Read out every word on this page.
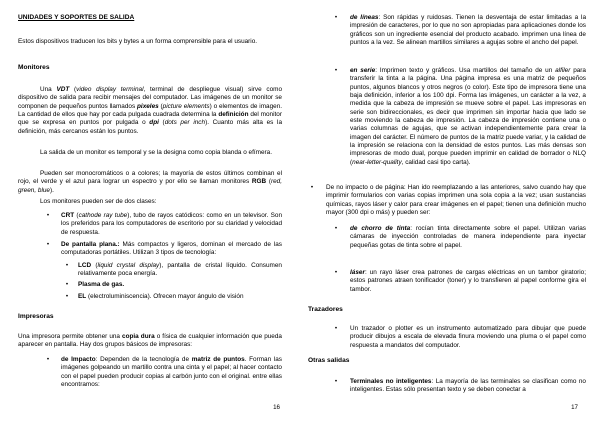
UNIDADES Y SOPORTES DE SALIDA

Estos dispositivos traducen los bits y bytes a un forma comprensible para el usuario.

Monitores

Una VDT (video display terminal, terminal de despliegue visual) sirve como dispositivo de salida para recibir mensajes del computador. Las imágenes de un monitor se componen de pequeños puntos llamados pixeles (picture elements) o elementos de imagen. La cantidad de ellos que hay por cada pulgada cuadrada determina la definición del monitor que se expresa en puntos por pulgada o dpi (dots per inch). Cuanto más alta es la definición, más cercanos están los puntos.

La salida de un monitor es temporal y se la designa como copia blanda o efímera.

Pueden ser monocromáticos o a colores; la mayoría de estos últimos combinan el rojo, el verde y el azul para lograr un espectro y por ello se llaman monitores RGB (red, green, blue).

Los monitores pueden ser de dos clases:

•	CRT (cathode ray tube), tubo de rayos catódicos: como en un televisor. Son los preferidos para los computadores de escritorio por su claridad y velocidad de respuesta.

•	De pantalla plana.: Más compactos y ligeros, dominan el mercado de las computadoras portátiles. Utilizan 3 tipos de tecnología:

•	LCD (liquid crystal display), pantalla de cristal líquido. Consumen relativamente poca energía.

•	Plasma de gas.

•	EL (electroluminiscencia). Ofrecen mayor ángulo de visión

Impresoras

Una impresora permite obtener una copia dura o física de cualquier información que pueda aparecer en pantalla. Hay dos grupos básicos de impresoras:

•	de Impacto: Dependen de la tecnología de matriz de puntos. Forman las imágenes golpeando un martillo contra una cinta y el papel; al hacer contacto con el papel pueden producir copias al carbón junto con el original. entre ellas encontramos:

16
•	de líneas: Son rápidas y ruidosas. Tienen la desventaja de estar limitadas a la impresión de caracteres, por lo que no son apropiadas para aplicaciones donde los gráficos son un ingrediente esencial del producto acabado. imprimen una línea de puntos a la vez. Se alinean martillos similares a agujas sobre el ancho del papel.

•	en serie: Imprimen texto y gráficos. Usa martillos del tamaño de un alfiler para transferir la tinta a la página. Una página impresa es una matriz de pequeños puntos, algunos blancos y otros negros (o color). Este tipo de impresora tiene una baja definición, inferior a los 100 dpi. Forma las imágenes, un carácter a la vez, a medida que la cabeza de impresión se mueve sobre el papel. Las impresoras en serie son bidireccionales, es decir que imprimen sin importar hacia que lado se este moviendo la cabeza de impresión. La cabeza de impresión contiene una o varias columnas de agujas, que se activan independientemente para crear la imagen del carácter. El número de puntos de la matriz puede variar, y la calidad de la impresión se relaciona con la densidad de estos puntos. Las más densas son impresoras de modo dual, porque pueden imprimir en calidad de borrador o NLQ (near-letter-quality, calidad casi tipo carta).

•	De no impacto o de página: Han ido reemplazando a las anteriores, salvo cuando hay que imprimir formularios con varias copias imprimen una sola copia a la vez; usan sustancias químicas, rayos láser y calor para crear imágenes en el papel; tienen una definición mucho mayor (300 dpi o más) y pueden ser:

•	de chorro de tinta: rocían tinta directamente sobre el papel. Utilizan varias cámaras de inyección controladas de manera independiente para inyectar pequeñas gotas de tinta sobre el papel.

•	láser: un rayo láser crea patrones de cargas eléctricas en un tambor giratorio; estos patrones atraen tonificador (toner) y lo transfieren al papel conforme gira el tambor.

Trazadores
•	Un trazador o plotter es un instrumento automatizado para dibujar que puede producir dibujos a escala de elevada finura moviendo una pluma o el papel como respuesta a mandatos del computador.

Otras salidas
•	Terminales no inteligentes: La mayoría de las terminales se clasifican como no inteligentes. Estas sólo presentan texto y se deben conectar a

17
